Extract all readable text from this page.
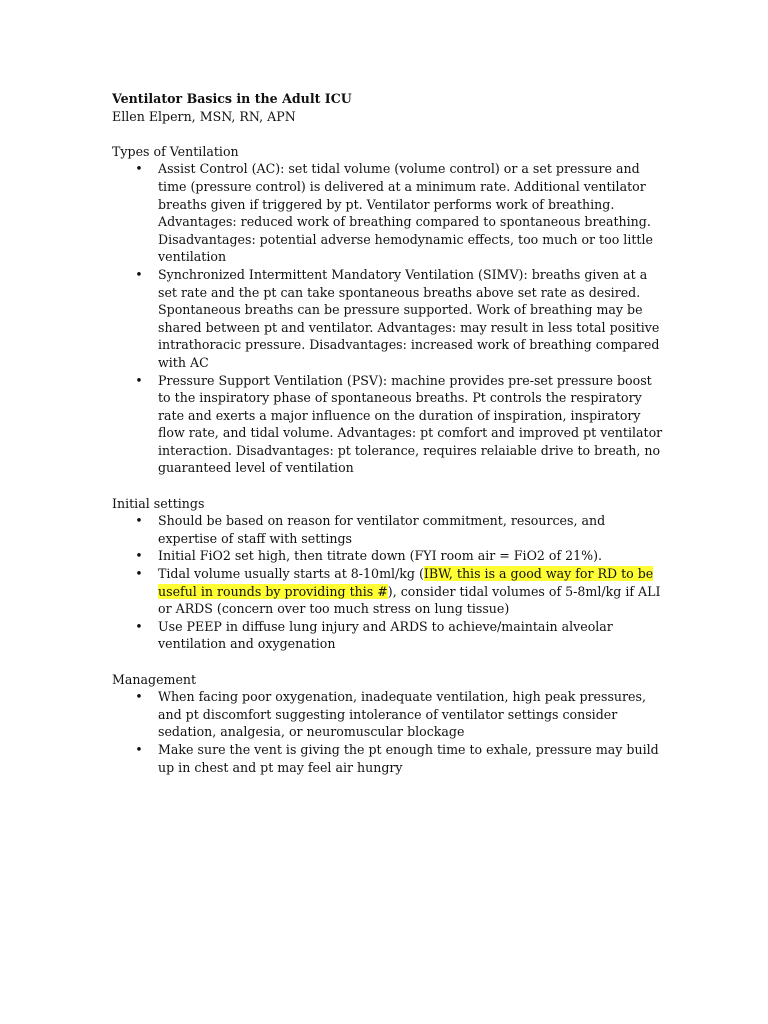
Ventilator Basics in the Adult ICU

Ellen Elpern, MSN, RN, APN

Types of Ventilation

• Assist Control (AC): set tidal volume (volume control) or a set pressure and time (pressure control) is delivered at a minimum rate. Additional ventilator breaths given if triggered by pt. Ventilator performs work of breathing. Advantages: reduced work of breathing compared to spontaneous breathing. Disadvantages: potential adverse hemodynamic effects, too much or too little ventilation
• Synchronized Intermittent Mandatory Ventilation (SIMV): breaths given at a set rate and the pt can take spontaneous breaths above set rate as desired. Spontaneous breaths can be pressure supported. Work of breathing may be shared between pt and ventilator. Advantages: may result in less total positive intrathoracic pressure. Disadvantages: increased work of breathing compared with AC
• Pressure Support Ventilation (PSV): machine provides pre-set pressure boost to the inspiratory phase of spontaneous breaths. Pt controls the respiratory rate and exerts a major influence on the duration of inspiration, inspiratory flow rate, and tidal volume. Advantages: pt comfort and improved pt ventilator interaction. Disadvantages: pt tolerance, requires relaiable drive to breath, no guaranteed level of ventilation

Initial settings

• Should be based on reason for ventilator commitment, resources, and expertise of staff with settings
• Initial FiO2 set high, then titrate down (FYI room air = FiO2 of 21%).
• Tidal volume usually starts at 8-10ml/kg (IBW, this is a good way for RD to be useful in rounds by providing this #), consider tidal volumes of 5-8ml/kg if ALI or ARDS (concern over too much stress on lung tissue)
• Use PEEP in diffuse lung injury and ARDS to achieve/maintain alveolar ventilation and oxygenation

Management

• When facing poor oxygenation, inadequate ventilation, high peak pressures, and pt discomfort suggesting intolerance of ventilator settings consider sedation, analgesia, or neuromuscular blockage
• Make sure the vent is giving the pt enough time to exhale, pressure may build up in chest and pt may feel air hungry
